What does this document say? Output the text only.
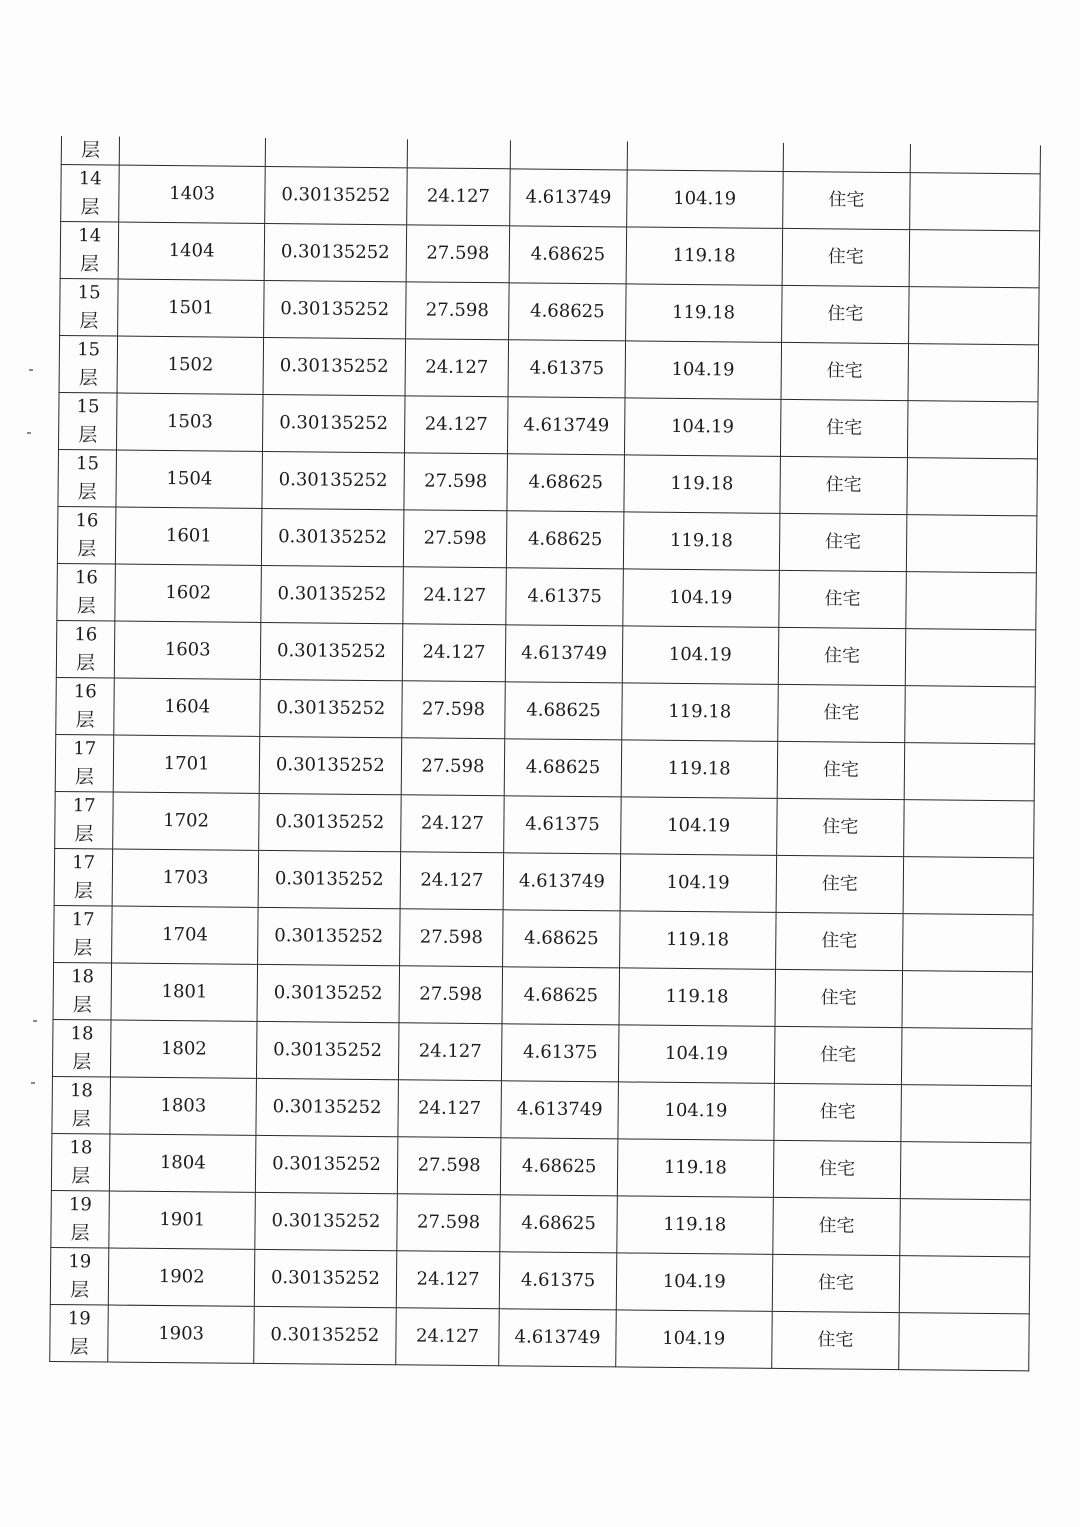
层							

14
层	1403	0.30135252	24.127	4.613749	104.19	住宅	

14
层	1404	0.30135252	27.598	4.68625	119.18	住宅	

15
层	1501	0.30135252	27.598	4.68625	119.18	住宅	

15
层	1502	0.30135252	24.127	4.61375	104.19	住宅	

15
层	1503	0.30135252	24.127	4.613749	104.19	住宅	

15
层	1504	0.30135252	27.598	4.68625	119.18	住宅	

16
层	1601	0.30135252	27.598	4.68625	119.18	住宅	

16
层	1602	0.30135252	24.127	4.61375	104.19	住宅	

16
层	1603	0.30135252	24.127	4.613749	104.19	住宅	

16
层	1604	0.30135252	27.598	4.68625	119.18	住宅	

17
层	1701	0.30135252	27.598	4.68625	119.18	住宅	

17
层	1702	0.30135252	24.127	4.61375	104.19	住宅	

17
层	1703	0.30135252	24.127	4.613749	104.19	住宅	

17
层	1704	0.30135252	27.598	4.68625	119.18	住宅	

18
层	1801	0.30135252	27.598	4.68625	119.18	住宅	

18
层	1802	0.30135252	24.127	4.61375	104.19	住宅	

18
层	1803	0.30135252	24.127	4.613749	104.19	住宅	

18
层	1804	0.30135252	27.598	4.68625	119.18	住宅	

19
层	1901	0.30135252	27.598	4.68625	119.18	住宅	

19
层	1902	0.30135252	24.127	4.61375	104.19	住宅	

19
层	1903	0.30135252	24.127	4.613749	104.19	住宅	
